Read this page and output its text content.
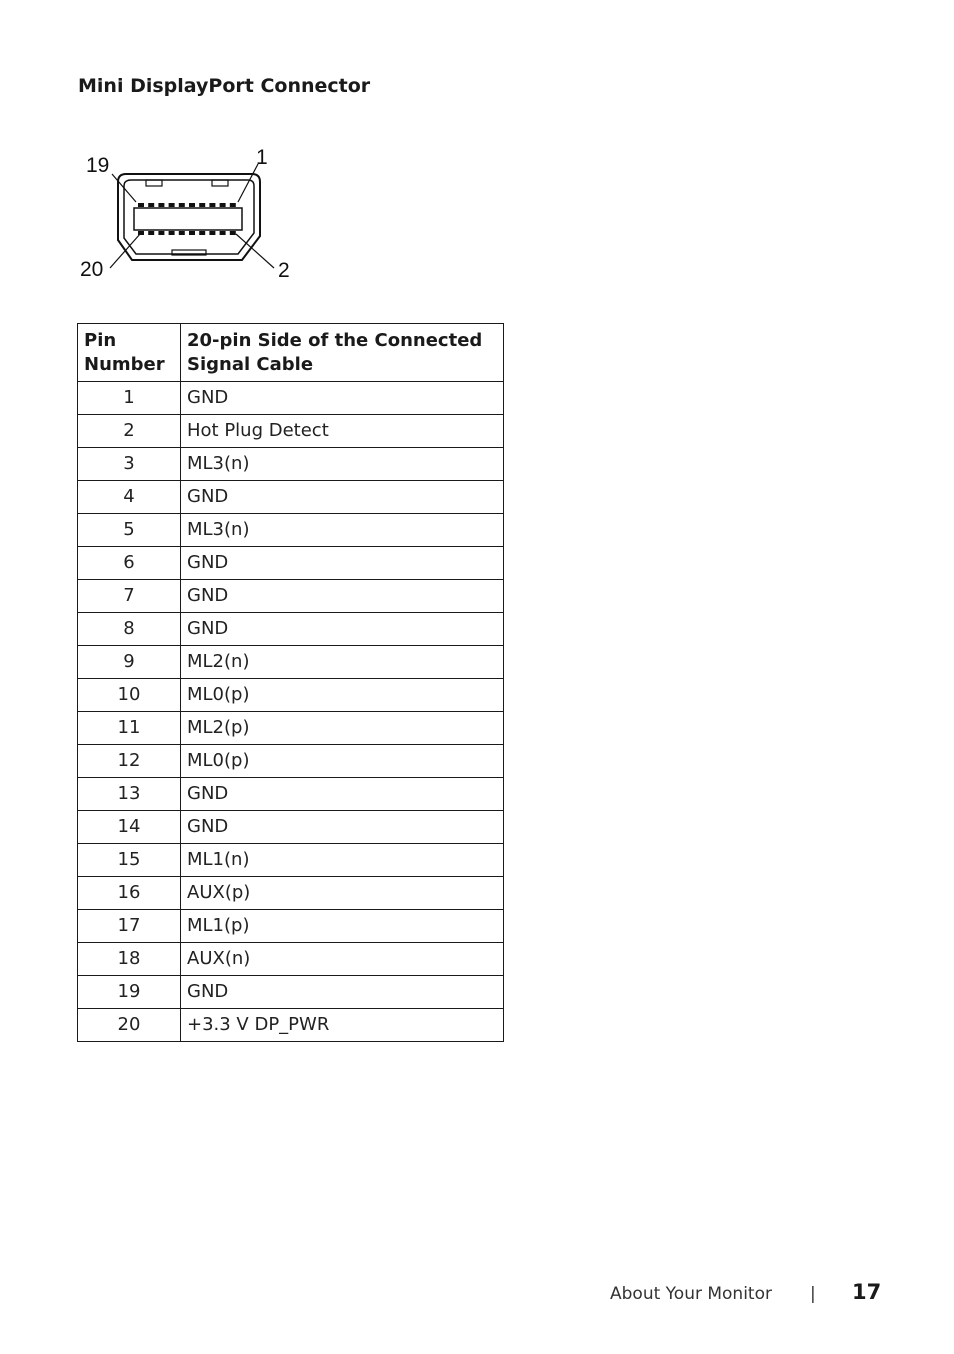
Mini DisplayPort Connector
19	1
20	2
Pin Number	20-pin Side of the Connected Signal Cable
1	GND
2	Hot Plug Detect
3	ML3(n)
4	GND
5	ML3(n)
6	GND
7	GND
8	GND
9	ML2(n)
10	ML0(p)
11	ML2(p)
12	ML0(p)
13	GND
14	GND
15	ML1(n)
16	AUX(p)
17	ML1(p)
18	AUX(n)
19	GND
20	+3.3 V DP_PWR
About Your Monitor | 17
